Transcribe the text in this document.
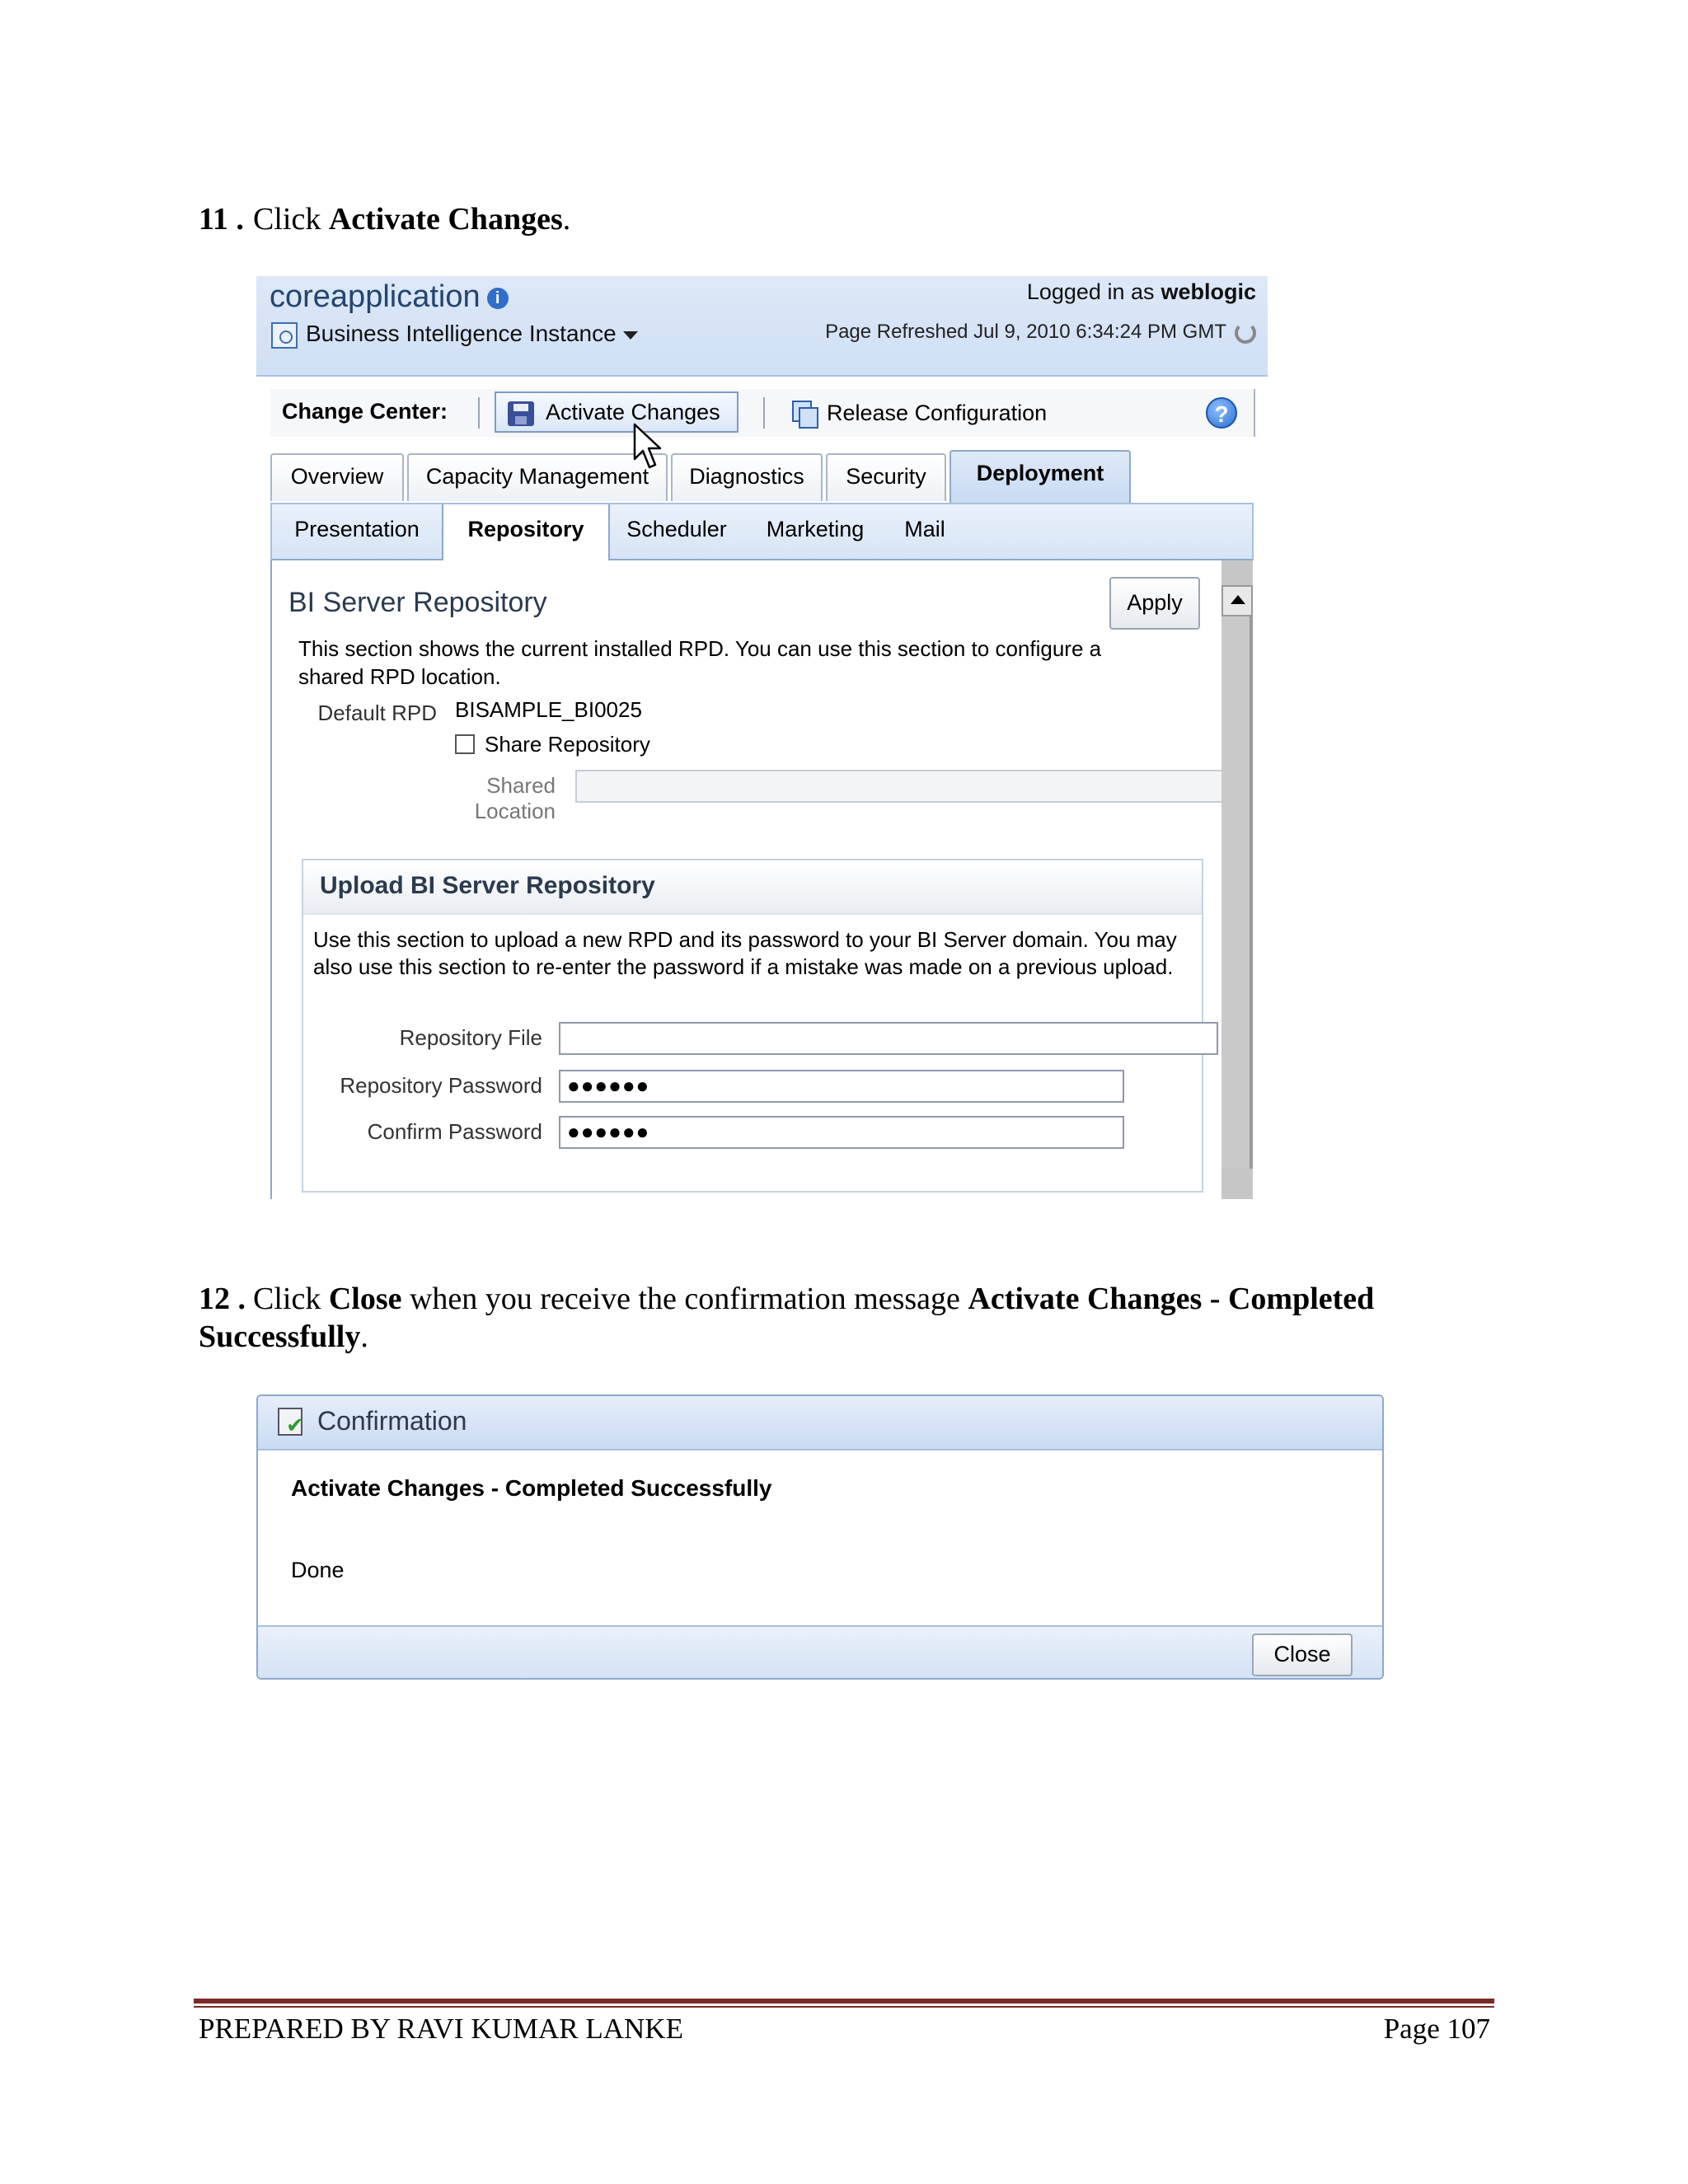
11 . Click Activate Changes.
coreapplication i
Business Intelligence Instance
Logged in as weblogic
Page Refreshed Jul 9, 2010 6:34:24 PM GMT
Change Center:	Activate Changes	Release Configuration	?
Overview	Capacity Management	Diagnostics	Security	Deployment
Presentation	Repository	Scheduler	Marketing	Mail
BI Server Repository	Apply
This section shows the current installed RPD. You can use this section to configure a shared RPD location.
Default RPD BISAMPLE_BI0025
Share Repository
Shared Location
Upload BI Server Repository
Use this section to upload a new RPD and its password to your BI Server domain. You may also use this section to re-enter the password if a mistake was made on a previous upload.
Repository File
Repository Password	●●●●●●
Confirm Password	●●●●●●
12 . Click Close when you receive the confirmation message Activate Changes - Completed Successfully.
✔
Confirmation
Activate Changes - Completed Successfully
Done
Close
PREPARED BY RAVI KUMAR LANKE	Page 107
